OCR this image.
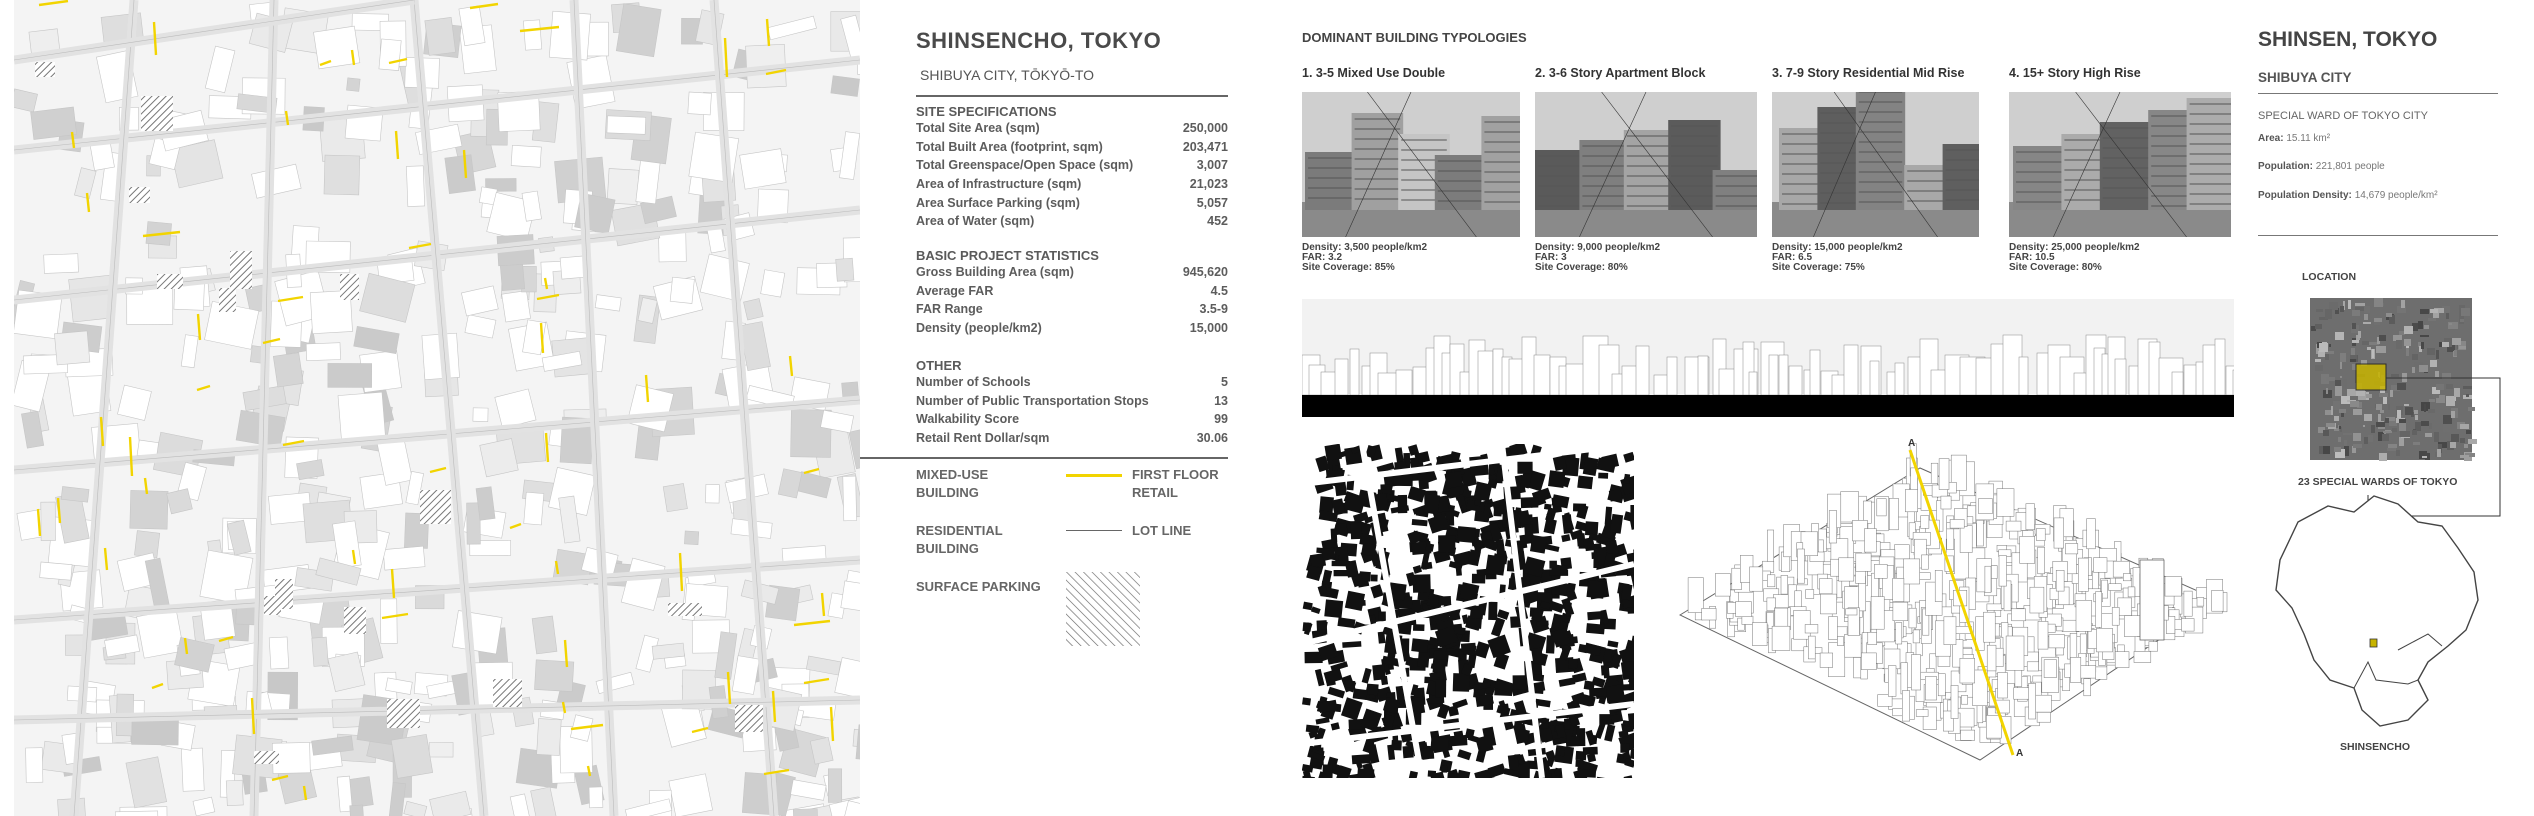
SHINSENCHO, TOKYO
SHIBUYA CITY, TŌKYŌ-TO
SITE SPECIFICATIONS
Total Site Area (sqm)	250,000
Total Built Area (footprint, sqm)	203,471
Total Greenspace/Open Space (sqm)	3,007
Area of Infrastructure (sqm)	21,023
Area Surface Parking (sqm)	5,057
Area of Water (sqm)	452
BASIC PROJECT STATISTICS
Gross Building Area (sqm)	945,620
Average FAR	4.5
FAR Range	3.5-9
Density (people/km2)	15,000
OTHER
Number of Schools	5
Number of Public Transportation Stops	13
Walkability Score	99
Retail Rent Dollar/sqm	30.06
MIXED-USE
BUILDING
FIRST FLOOR
RETAIL
RESIDENTIAL
BUILDING
LOT LINE
SURFACE PARKING
DOMINANT BUILDING TYPOLOGIES
1. 3-5 Mixed Use Double
Density: 3,500 people/km2
FAR: 3.2
Site Coverage: 85%
2. 3-6 Story Apartment Block
Density: 9,000 people/km2
FAR: 3
Site Coverage: 80%
3. 7-9 Story Residential Mid Rise
Density: 15,000 people/km2
FAR: 6.5
Site Coverage: 75%
4. 15+ Story High Rise
Density: 25,000 people/km2
FAR: 10.5
Site Coverage: 80%
A
A
SHINSEN, TOKYO
SHIBUYA CITY
SPECIAL WARD OF TOKYO CITY
Area: 15.11 km²
Population: 221,801 people
Population Density: 14,679 people/km²
LOCATION
23 SPECIAL WARDS OF TOKYO
SHINSENCHO
